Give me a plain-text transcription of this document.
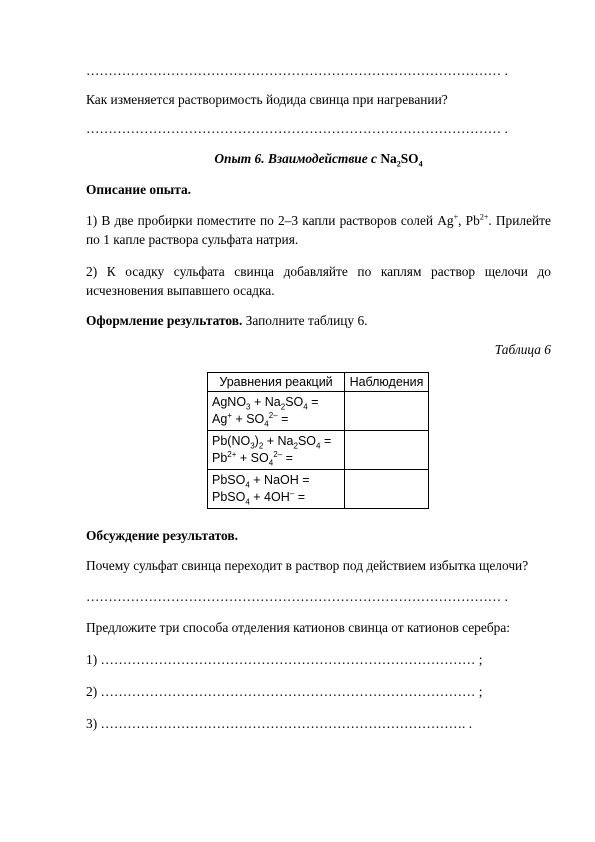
………………………………………………………………………………… .
Как изменяется растворимость йодида свинца при нагревании?
………………………………………………………………………………… .
Опыт 6. Взаимодействие с $Na_2SO_4$
Описание опыта.
1) В две пробирки поместите по 2–3 капли растворов солей Ag+, $Pb^{2+}$. Прилейте по 1 капле раствора сульфата натрия.
2) К осадку сульфата свинца добавляйте по каплям раствор щелочи до исчезновения выпавшего осадка.
Оформление результатов. Заполните таблицу 6.
Таблица 6
Уравнения реакций	Наблюдения

AgNO$_3$ + $Na_2SO_4$ =
$Ag^+ + SO_4^{2-}$ =	

$Pb(NO_3)_2 + Na_2SO_4$ =
$Pb^{2+} + SO_4^{2-}$ =	

PbSO$_4$ + NaOH =
PbSO$_4$ + 4OH– =	

Обсуждение результатов.
Почему сульфат свинца переходит в раствор под действием избытка щелочи?
………………………………………………………………………………… .
Предложите три способа отделения катионов свинца от катионов серебра:
1) ………………………………………………………………………… ;
2) ………………………………………………………………………… ;
3) ………………………………………………………………………. .
